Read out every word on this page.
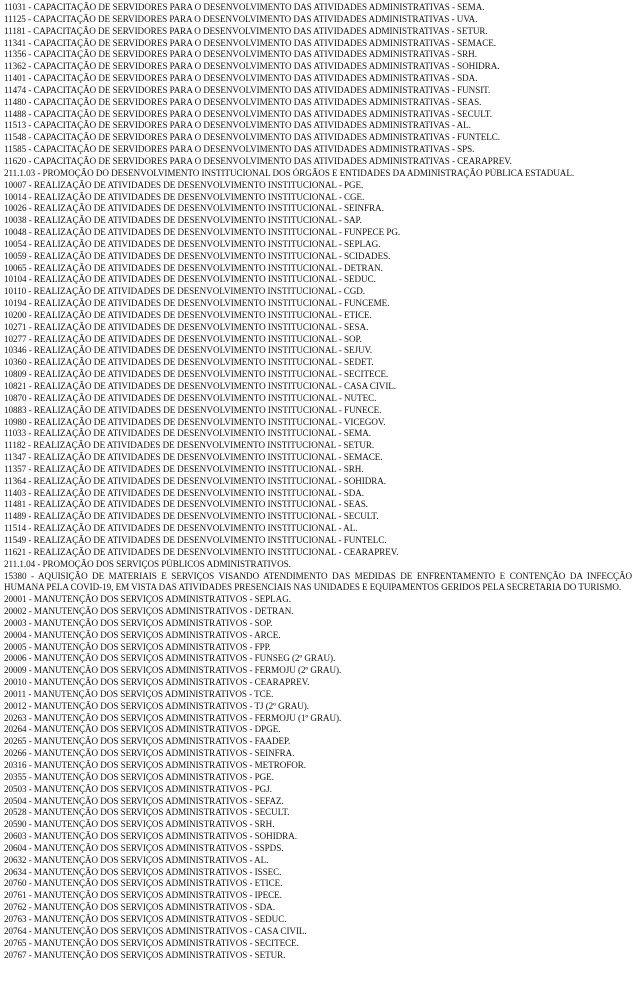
11031 - CAPACITAÇÃO DE SERVIDORES PARA O DESENVOLVIMENTO DAS ATIVIDADES ADMINISTRATIVAS - SEMA.
11125 - CAPACITAÇÃO DE SERVIDORES PARA O DESENVOLVIMENTO DAS ATIVIDADES ADMINISTRATIVAS - UVA.
11181 - CAPACITAÇÃO DE SERVIDORES PARA O DESENVOLVIMENTO DAS ATIVIDADES ADMINISTRATIVAS - SETUR.
11341 - CAPACITAÇÃO DE SERVIDORES PARA O DESENVOLVIMENTO DAS ATIVIDADES ADMINISTRATIVAS - SEMACE.
11356 - CAPACITAÇÃO DE SERVIDORES PARA O DESENVOLVIMENTO DAS ATIVIDADES ADMINISTRATIVAS - SRH.
11362 - CAPACITAÇÃO DE SERVIDORES PARA O DESENVOLVIMENTO DAS ATIVIDADES ADMINISTRATIVAS - SOHIDRA.
11401 - CAPACITAÇÃO DE SERVIDORES PARA O DESENVOLVIMENTO DAS ATIVIDADES ADMINISTRATIVAS - SDA.
11474 - CAPACITAÇÃO DE SERVIDORES PARA O DESENVOLVIMENTO DAS ATIVIDADES ADMINISTRATIVAS - FUNSIT.
11480 - CAPACITAÇÃO DE SERVIDORES PARA O DESENVOLVIMENTO DAS ATIVIDADES ADMINISTRATIVAS - SEAS.
11488 - CAPACITAÇÃO DE SERVIDORES PARA O DESENVOLVIMENTO DAS ATIVIDADES ADMINISTRATIVAS - SECULT.
11513 - CAPACITAÇÃO DE SERVIDORES PARA O DESENVOLVIMENTO DAS ATIVIDADES ADMINISTRATIVAS - AL.
11548 - CAPACITAÇÃO DE SERVIDORES PARA O DESENVOLVIMENTO DAS ATIVIDADES ADMINISTRATIVAS - FUNTELC.
11585 - CAPACITAÇÃO DE SERVIDORES PARA O DESENVOLVIMENTO DAS ATIVIDADES ADMINISTRATIVAS - SPS.
11620 - CAPACITAÇÃO DE SERVIDORES PARA O DESENVOLVIMENTO DAS ATIVIDADES ADMINISTRATIVAS - CEARAPREV.
211.1.03 - PROMOÇÃO DO DESENVOLVIMENTO INSTITUCIONAL DOS ÓRGÃOS E ENTIDADES DA ADMINISTRAÇÃO PÚBLICA ESTADUAL.
10007 - REALIZAÇÃO DE ATIVIDADES DE DESENVOLVIMENTO INSTITUCIONAL - PGE.
10014 - REALIZAÇÃO DE ATIVIDADES DE DESENVOLVIMENTO INSTITUCIONAL - CGE.
10026 - REALIZAÇÃO DE ATIVIDADES DE DESENVOLVIMENTO INSTITUCIONAL - SEINFRA.
10038 - REALIZAÇÃO DE ATIVIDADES DE DESENVOLVIMENTO INSTITUCIONAL - SAP.
10048 - REALIZAÇÃO DE ATIVIDADES DE DESENVOLVIMENTO INSTITUCIONAL - FUNPECE PG.
10054 - REALIZAÇÃO DE ATIVIDADES DE DESENVOLVIMENTO INSTITUCIONAL - SEPLAG.
10059 - REALIZAÇÃO DE ATIVIDADES DE DESENVOLVIMENTO INSTITUCIONAL - SCIDADES.
10065 - REALIZAÇÃO DE ATIVIDADES DE DESENVOLVIMENTO INSTITUCIONAL - DETRAN.
10104 - REALIZAÇÃO DE ATIVIDADES DE DESENVOLVIMENTO INSTITUCIONAL - SEDUC.
10110 - REALIZAÇÃO DE ATIVIDADES DE DESENVOLVIMENTO INSTITUCIONAL - CGD.
10194 - REALIZAÇÃO DE ATIVIDADES DE DESENVOLVIMENTO INSTITUCIONAL - FUNCEME.
10200 - REALIZAÇÃO DE ATIVIDADES DE DESENVOLVIMENTO INSTITUCIONAL - ETICE.
10271 - REALIZAÇÃO DE ATIVIDADES DE DESENVOLVIMENTO INSTITUCIONAL - SESA.
10277 - REALIZAÇÃO DE ATIVIDADES DE DESENVOLVIMENTO INSTITUCIONAL - SOP.
10346 - REALIZAÇÃO DE ATIVIDADES DE DESENVOLVIMENTO INSTITUCIONAL - SEJUV.
10360 - REALIZAÇÃO DE ATIVIDADES DE DESENVOLVIMENTO INSTITUCIONAL - SEDET.
10809 - REALIZAÇÃO DE ATIVIDADES DE DESENVOLVIMENTO INSTITUCIONAL - SECITECE.
10821 - REALIZAÇÃO DE ATIVIDADES DE DESENVOLVIMENTO INSTITUCIONAL - CASA CIVIL.
10870 - REALIZAÇÃO DE ATIVIDADES DE DESENVOLVIMENTO INSTITUCIONAL - NUTEC.
10883 - REALIZAÇÃO DE ATIVIDADES DE DESENVOLVIMENTO INSTITUCIONAL - FUNECE.
10980 - REALIZAÇÃO DE ATIVIDADES DE DESENVOLVIMENTO INSTITUCIONAL - VICEGOV.
11033 - REALIZAÇÃO DE ATIVIDADES DE DESENVOLVIMENTO INSTITUCIONAL - SEMA.
11182 - REALIZAÇÃO DE ATIVIDADES DE DESENVOLVIMENTO INSTITUCIONAL - SETUR.
11347 - REALIZAÇÃO DE ATIVIDADES DE DESENVOLVIMENTO INSTITUCIONAL - SEMACE.
11357 - REALIZAÇÃO DE ATIVIDADES DE DESENVOLVIMENTO INSTITUCIONAL - SRH.
11364 - REALIZAÇÃO DE ATIVIDADES DE DESENVOLVIMENTO INSTITUCIONAL - SOHIDRA.
11403 - REALIZAÇÃO DE ATIVIDADES DE DESENVOLVIMENTO INSTITUCIONAL - SDA.
11481 - REALIZAÇÃO DE ATIVIDADES DE DESENVOLVIMENTO INSTITUCIONAL - SEAS.
11489 - REALIZAÇÃO DE ATIVIDADES DE DESENVOLVIMENTO INSTITUCIONAL - SECULT.
11514 - REALIZAÇÃO DE ATIVIDADES DE DESENVOLVIMENTO INSTITUCIONAL - AL.
11549 - REALIZAÇÃO DE ATIVIDADES DE DESENVOLVIMENTO INSTITUCIONAL - FUNTELC.
11621 - REALIZAÇÃO DE ATIVIDADES DE DESENVOLVIMENTO INSTITUCIONAL - CEARAPREV.
211.1.04 - PROMOÇÃO DOS SERVIÇOS PÚBLICOS ADMINISTRATIVOS.
15380 - AQUISIÇÃO DE MATERIAIS E SERVIÇOS VISANDO ATENDIMENTO DAS MEDIDAS DE ENFRENTAMENTO E CONTENÇÃO DA INFECÇÃO HUMANA PELA COVID-19, EM VISTA DAS ATIVIDADES PRESENCIAIS NAS UNIDADES E EQUIPAMENTOS GERIDOS PELA SECRETARIA DO TURISMO.
20001 - MANUTENÇÃO DOS SERVIÇOS ADMINISTRATIVOS - SEPLAG.
20002 - MANUTENÇÃO DOS SERVIÇOS ADMINISTRATIVOS - DETRAN.
20003 - MANUTENÇÃO DOS SERVIÇOS ADMINISTRATIVOS - SOP.
20004 - MANUTENÇÃO DOS SERVIÇOS ADMINISTRATIVOS - ARCE.
20005 - MANUTENÇÃO DOS SERVIÇOS ADMINISTRATIVOS - FPP.
20006 - MANUTENÇÃO DOS SERVIÇOS ADMINISTRATIVOS - FUNSEG (2º GRAU).
20009 - MANUTENÇÃO DOS SERVIÇOS ADMINISTRATIVOS - FERMOJU (2º GRAU).
20010 - MANUTENÇÃO DOS SERVIÇOS ADMINISTRATIVOS - CEARAPREV.
20011 - MANUTENÇÃO DOS SERVIÇOS ADMINISTRATIVOS - TCE.
20012 - MANUTENÇÃO DOS SERVIÇOS ADMINISTRATIVOS - TJ (2º GRAU).
20263 - MANUTENÇÃO DOS SERVIÇOS ADMINISTRATIVOS - FERMOJU (1º GRAU).
20264 - MANUTENÇÃO DOS SERVIÇOS ADMINISTRATIVOS - DPGE.
20265 - MANUTENÇÃO DOS SERVIÇOS ADMINISTRATIVOS - FAADEP.
20266 - MANUTENÇÃO DOS SERVIÇOS ADMINISTRATIVOS - SEINFRA.
20316 - MANUTENÇÃO DOS SERVIÇOS ADMINISTRATIVOS - METROFOR.
20355 - MANUTENÇÃO DOS SERVIÇOS ADMINISTRATIVOS - PGE.
20503 - MANUTENÇÃO DOS SERVIÇOS ADMINISTRATIVOS - PGJ.
20504 - MANUTENÇÃO DOS SERVIÇOS ADMINISTRATIVOS - SEFAZ.
20528 - MANUTENÇÃO DOS SERVIÇOS ADMINISTRATIVOS - SECULT.
20590 - MANUTENÇÃO DOS SERVIÇOS ADMINISTRATIVOS - SRH.
20603 - MANUTENÇÃO DOS SERVIÇOS ADMINISTRATIVOS - SOHIDRA.
20604 - MANUTENÇÃO DOS SERVIÇOS ADMINISTRATIVOS - SSPDS.
20632 - MANUTENÇÃO DOS SERVIÇOS ADMINISTRATIVOS - AL.
20634 - MANUTENÇÃO DOS SERVIÇOS ADMINISTRATIVOS - ISSEC.
20760 - MANUTENÇÃO DOS SERVIÇOS ADMINISTRATIVOS - ETICE.
20761 - MANUTENÇÃO DOS SERVIÇOS ADMINISTRATIVOS - IPECE.
20762 - MANUTENÇÃO DOS SERVIÇOS ADMINISTRATIVOS - SDA.
20763 - MANUTENÇÃO DOS SERVIÇOS ADMINISTRATIVOS - SEDUC.
20764 - MANUTENÇÃO DOS SERVIÇOS ADMINISTRATIVOS - CASA CIVIL.
20765 - MANUTENÇÃO DOS SERVIÇOS ADMINISTRATIVOS - SECITECE.
20767 - MANUTENÇÃO DOS SERVIÇOS ADMINISTRATIVOS - SETUR.
